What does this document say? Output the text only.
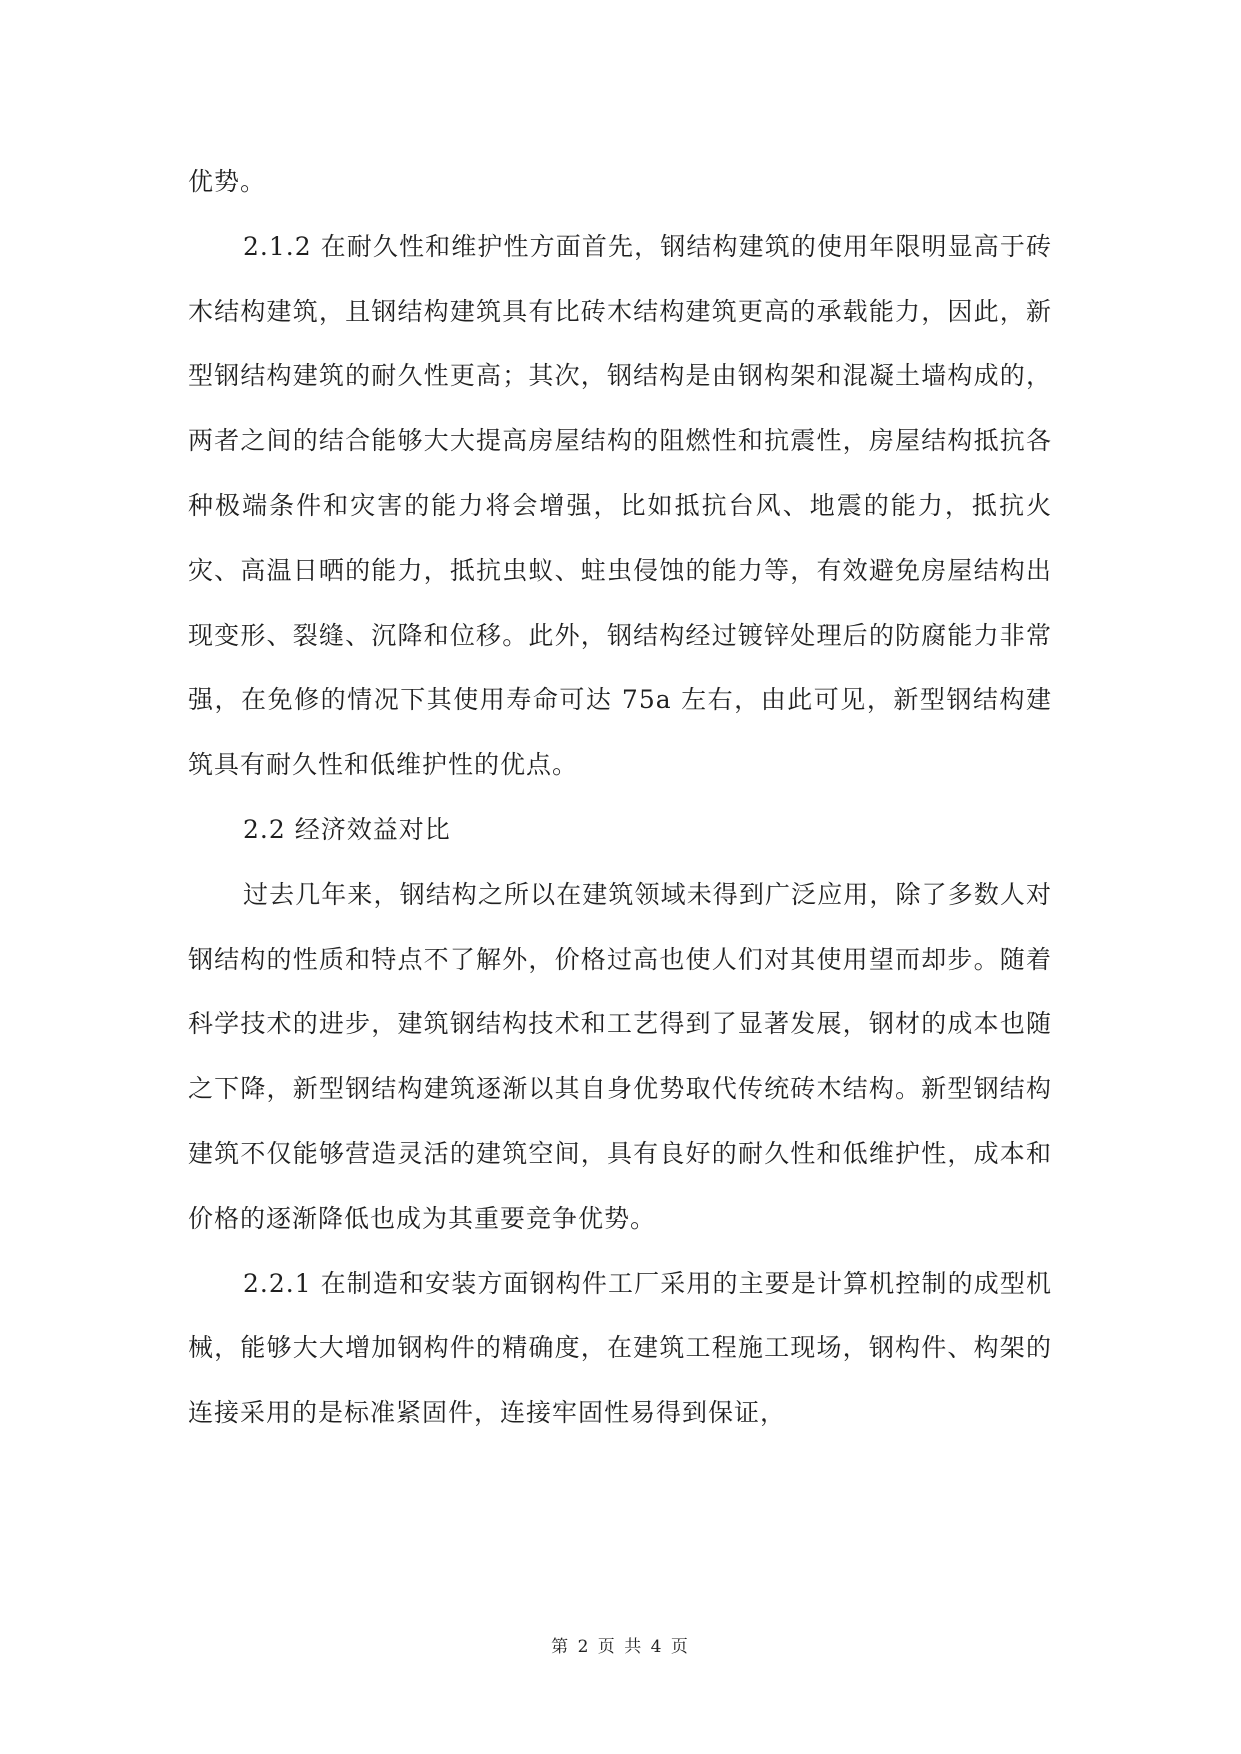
优势。

2.1.2 在耐久性和维护性方面首先，钢结构建筑的使用年限明显高于砖木结构建筑，且钢结构建筑具有比砖木结构建筑更高的承载能力，因此，新型钢结构建筑的耐久性更高；其次，钢结构是由钢构架和混凝土墙构成的，两者之间的结合能够大大提高房屋结构的阻燃性和抗震性，房屋结构抵抗各种极端条件和灾害的能力将会增强，比如抵抗台风、地震的能力，抵抗火灾、高温日晒的能力，抵抗虫蚁、蛀虫侵蚀的能力等，有效避免房屋结构出现变形、裂缝、沉降和位移。此外，钢结构经过镀锌处理后的防腐能力非常强，在免修的情况下其使用寿命可达 75a 左右，由此可见，新型钢结构建筑具有耐久性和低维护性的优点。

2.2 经济效益对比

过去几年来，钢结构之所以在建筑领域未得到广泛应用，除了多数人对钢结构的性质和特点不了解外，价格过高也使人们对其使用望而却步。随着科学技术的进步，建筑钢结构技术和工艺得到了显著发展，钢材的成本也随之下降，新型钢结构建筑逐渐以其自身优势取代传统砖木结构。新型钢结构建筑不仅能够营造灵活的建筑空间，具有良好的耐久性和低维护性，成本和价格的逐渐降低也成为其重要竞争优势。

2.2.1 在制造和安装方面钢构件工厂采用的主要是计算机控制的成型机械，能够大大增加钢构件的精确度，在建筑工程施工现场，钢构件、构架的连接采用的是标准紧固件，连接牢固性易得到保证，

第 2 页 共 4 页
